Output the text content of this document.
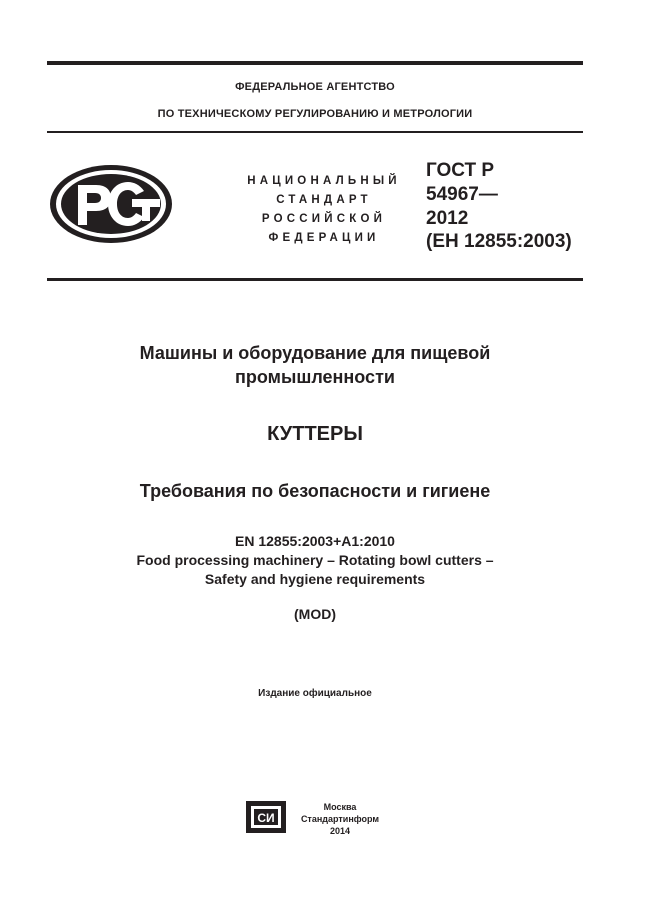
ФЕДЕРАЛЬНОЕ АГЕНТСТВО
ПО ТЕХНИЧЕСКОМУ РЕГУЛИРОВАНИЮ И МЕТРОЛОГИИ
НАЦИОНАЛЬНЫЙ
СТАНДАРТ
РОССИЙСКОЙ
ФЕДЕРАЦИИ
ГОСТ Р
54967—
2012
(ЕН 12855:2003)
Машины и оборудование для пищевой
промышленности
КУТТЕРЫ
Требования по безопасности и гигиене
EN 12855:2003+A1:2010
Food processing machinery – Rotating bowl cutters –
Safety and hygiene requirements
(MOD)
Издание официальное
СИ
Москва
Стандартинформ
2014
